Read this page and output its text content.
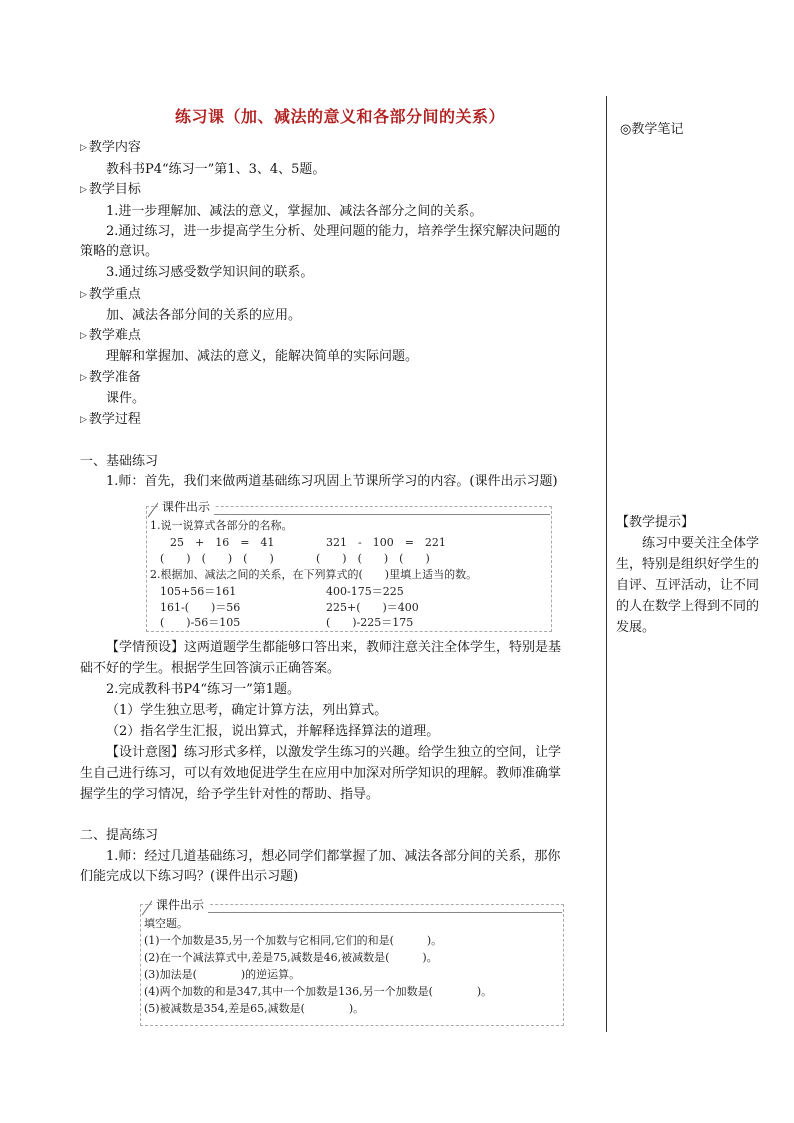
练习课（加、减法的意义和各部分间的关系）
◎教学笔记
▷ 教学内容
教科书P4“练习一”第1、3、4、5题。
▷ 教学目标
1.进一步理解加、减法的意义，掌握加、减法各部分之间的关系。
2.通过练习，进一步提高学生分析、处理问题的能力，培养学生探究解决问题的
策略的意识。
3.通过练习感受数学知识间的联系。
▷ 教学重点
加、减法各部分间的关系的应用。
▷ 教学难点
理解和掌握加、减法的意义，能解决简单的实际问题。
▷ 教学准备
课件。
▷ 教学过程
一、基础练习
1.师：首先，我们来做两道基础练习巩固上节课所学习的内容。(课件出示习题)
课件出示
1.说一说算式各部分的名称。
25　+　16　=　41
(　　)　(　　)　(　　)
321　-　100　=　221
(　　)　(　　)　(　　)
2.根据加、减法之间的关系，在下列算式的(　　)里填上适当的数。
105+56＝161	400-175＝225
161-(　　)＝56	225+(　　)＝400
(　　)-56＝105	(　　)-225＝175
【学情预设】这两道题学生都能够口答出来，教师注意关注全体学生，特别是基
础不好的学生。根据学生回答演示正确答案。
2.完成教科书P4“练习一”第1题。
（1）学生独立思考，确定计算方法，列出算式。
（2）指名学生汇报，说出算式，并解释选择算法的道理。
【设计意图】练习形式多样，以激发学生练习的兴趣。给学生独立的空间，让学
生自己进行练习，可以有效地促进学生在应用中加深对所学知识的理解。教师准确掌
握学生的学习情况，给予学生针对性的帮助、指导。
二、提高练习
1.师：经过几道基础练习，想必同学们都掌握了加、减法各部分间的关系，那你
们能完成以下练习吗？(课件出示习题)
课件出示
填空题。
(1)一个加数是35,另一个加数与它相同,它们的和是(　　　)。
(2)在一个减法算式中,差是75,减数是46,被减数是(　　　)。
(3)加法是(　　　　)的逆运算。
(4)两个加数的和是347,其中一个加数是136,另一个加数是(　　　　)。
(5)被减数是354,差是65,减数是(　　　　)。

【教学提示】

练习中要关注全体学生，特别是组织好学生的自评、互评活动，让不同的人在数学上得到不同的发展。
